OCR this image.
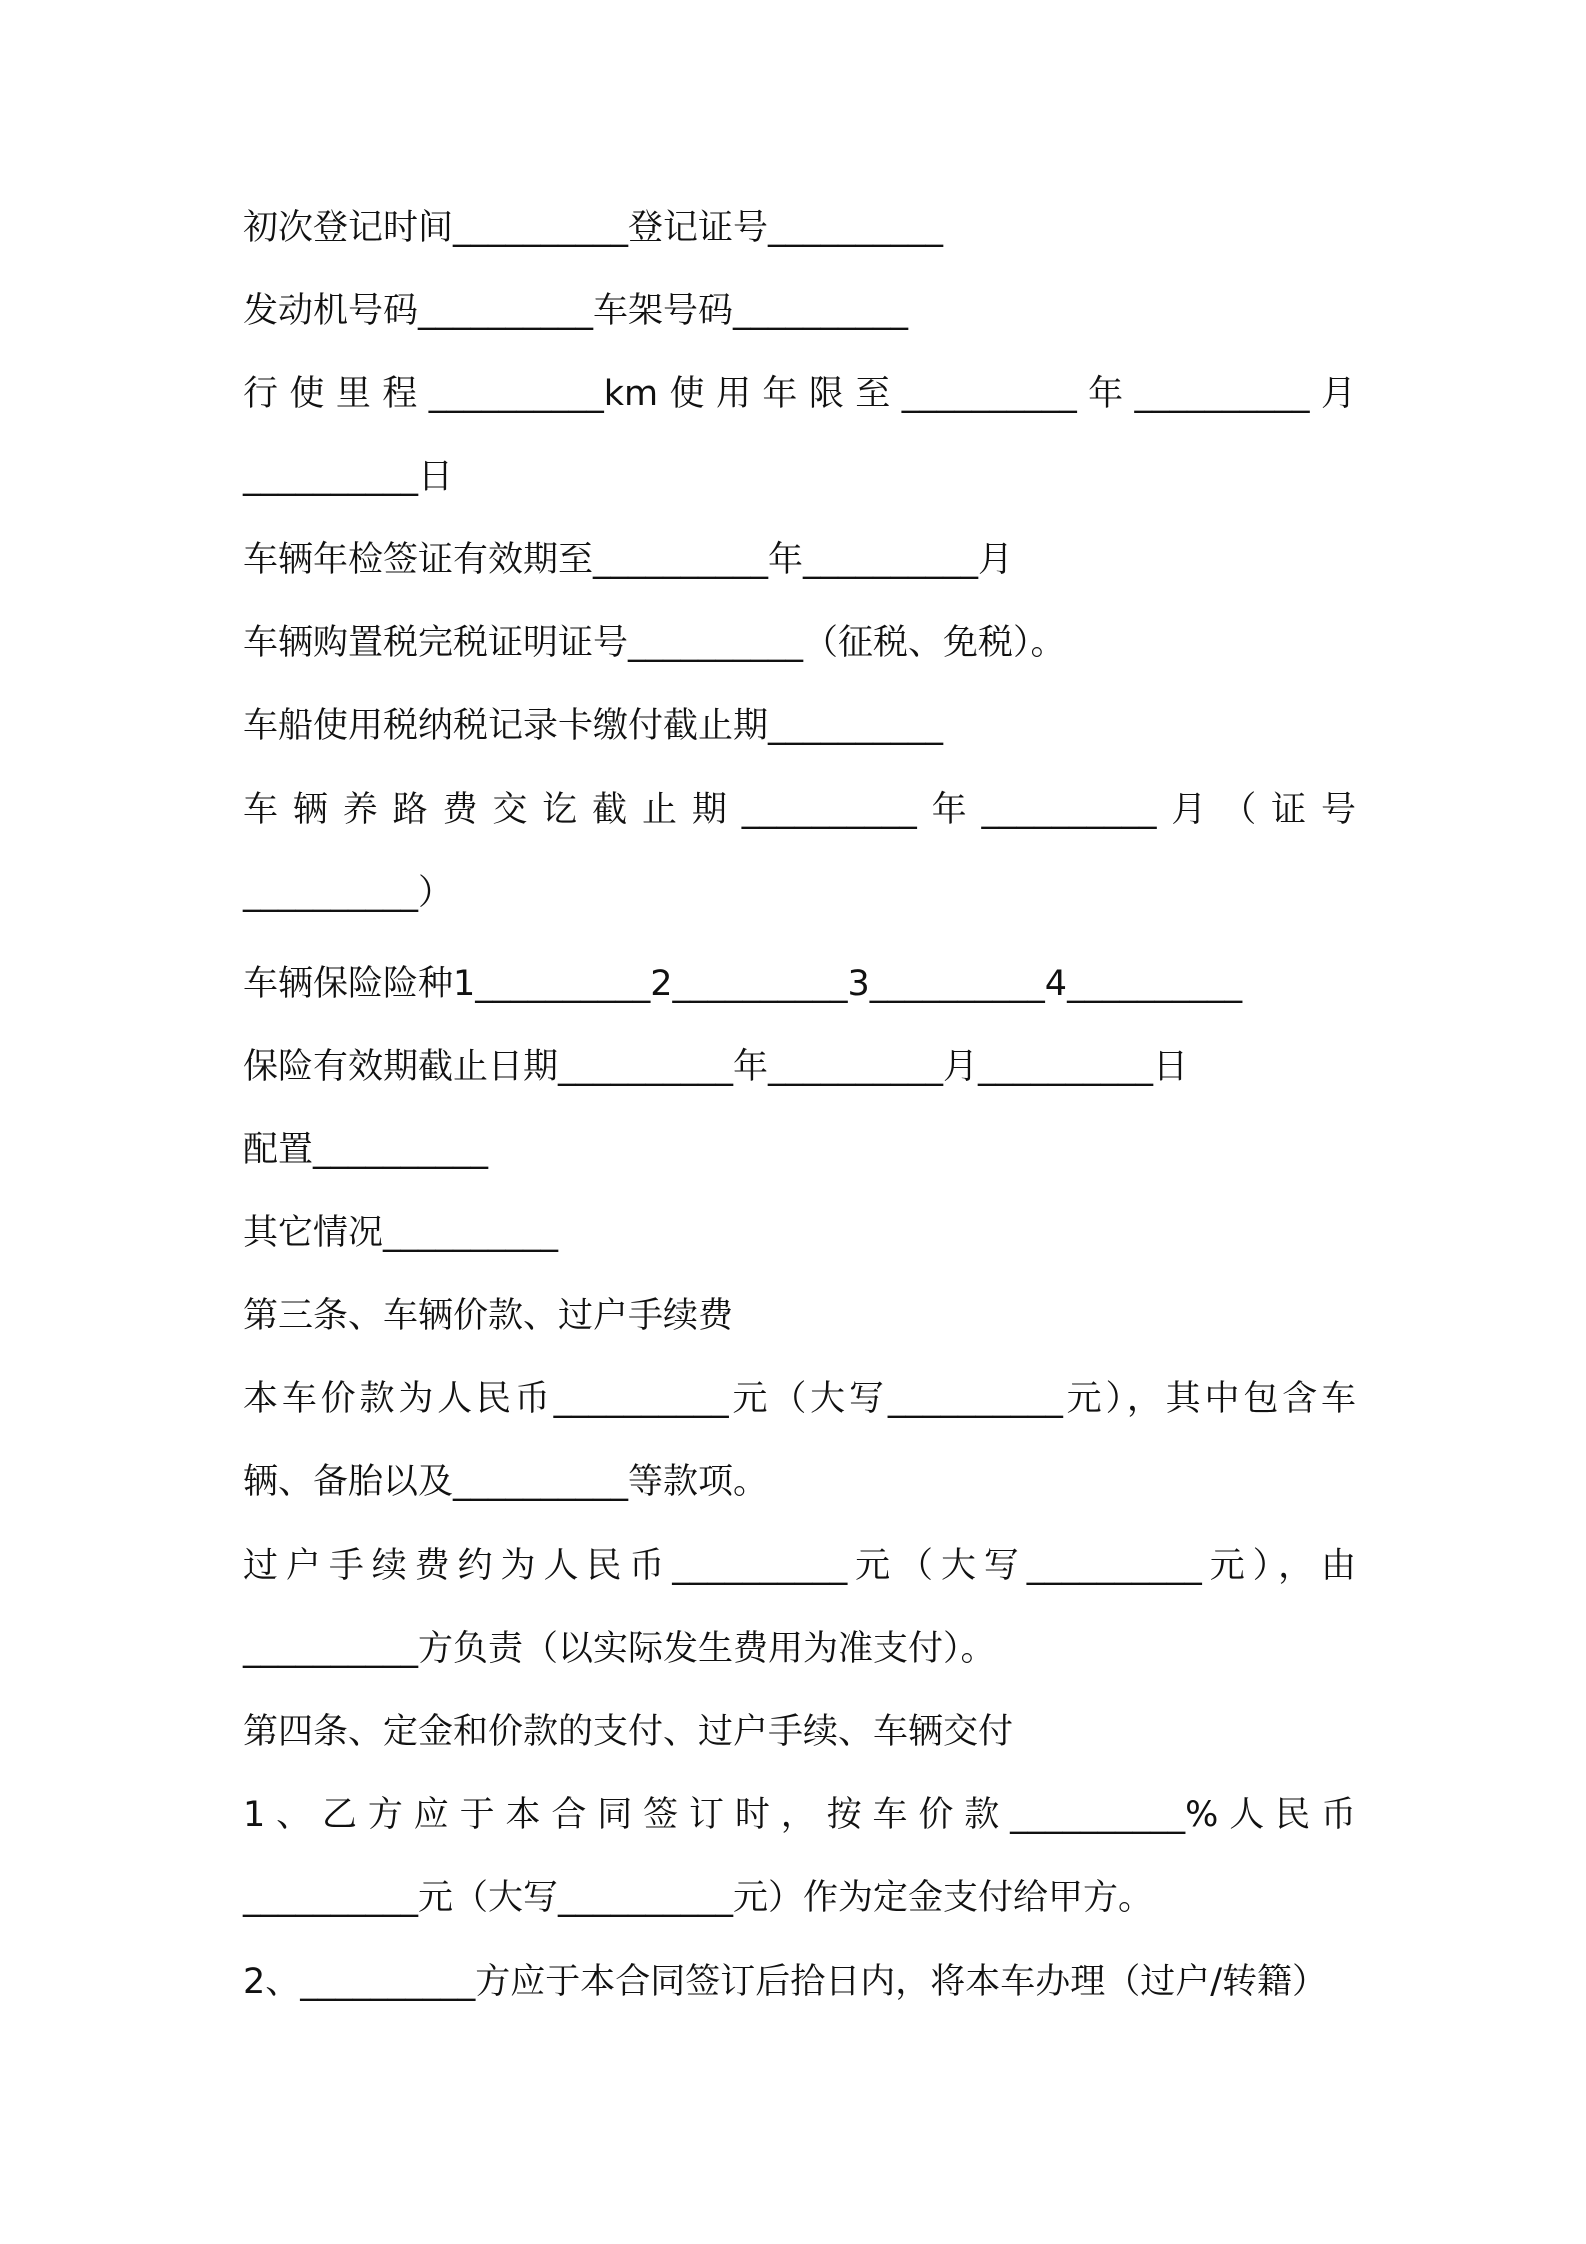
初次登记时间__________登记证号__________
发动机号码__________车架号码__________
行使里程__________km使用年限至__________年__________月
__________日
车辆年检签证有效期至__________年__________月
车辆购置税完税证明证号__________（征税、免税）。
车船使用税纳税记录卡缴付截止期__________
车辆养路费交讫截止期__________年__________月（证号
__________）
车辆保险险种1__________2__________3__________4__________
保险有效期截止日期__________年__________月__________日
配置__________
其它情况__________
第三条、车辆价款、过户手续费
本车价款为人民币__________元（大写__________元），其中包含车
辆、备胎以及__________等款项。
过户手续费约为人民币__________元（大写__________元），由
__________方负责（以实际发生费用为准支付）。
第四条、定金和价款的支付、过户手续、车辆交付
1、乙方应于本合同签订时，按车价款__________%人民币
__________元（大写__________元）作为定金支付给甲方。
2、__________方应于本合同签订后拾日内，将本车办理（过户/转籍）
